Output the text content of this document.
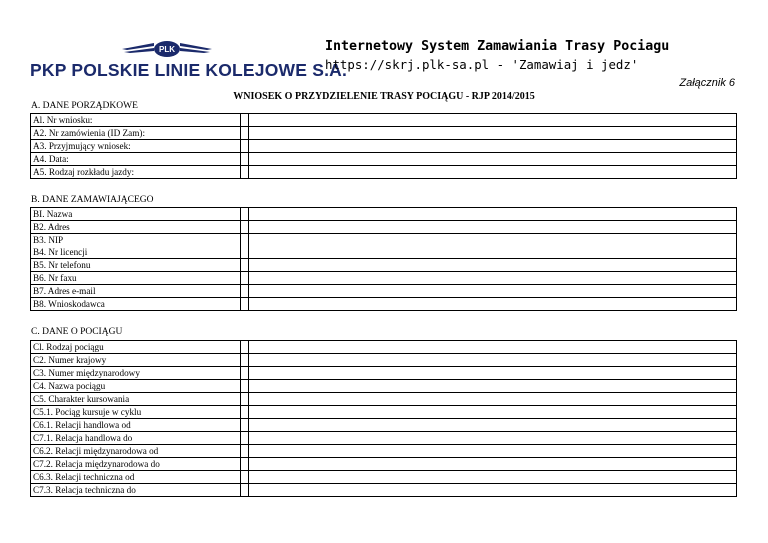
PLK
PKP POLSKIE LINIE KOLEJOWE S.A.
Internetowy System Zamawiania Trasy Pociagu
https://skrj.plk-sa.pl - 'Zamawiaj i jedz'
Załącznik 6
WNIOSEK O PRZYDZIELENIE TRASY POCIĄGU - RJP 2014/2015
A. DANE PORZĄDKOWE
Al. Nr wniosku:		
A2. Nr zamówienia (ID Zam):		
A3. Przyjmujący wniosek:		
A4. Data:		
A5. Rodzaj rozkładu jazdy:		
B. DANE ZAMAWIAJĄCEGO
BI. Nazwa		
B2. Adres		
B3. NIP
B4. Nr licencji		
B5. Nr telefonu		
B6. Nr faxu		
B7. Adres e-mail		
B8. Wnioskodawca		
C. DANE O POCIĄGU
Cl. Rodzaj pociągu		
C2. Numer krajowy		
C3. Numer międzynarodowy		
C4. Nazwa pociągu		
C5. Charakter kursowania		
C5.1. Pociąg kursuje w cyklu		
C6.1. Relacji handlowa od		
C7.1. Relacja handlowa do		
C6.2. Relacji międzynarodowa od		
C7.2. Relacja międzynarodowa do		
C6.3. Relacji techniczna od		
C7.3. Relacja techniczna do		
